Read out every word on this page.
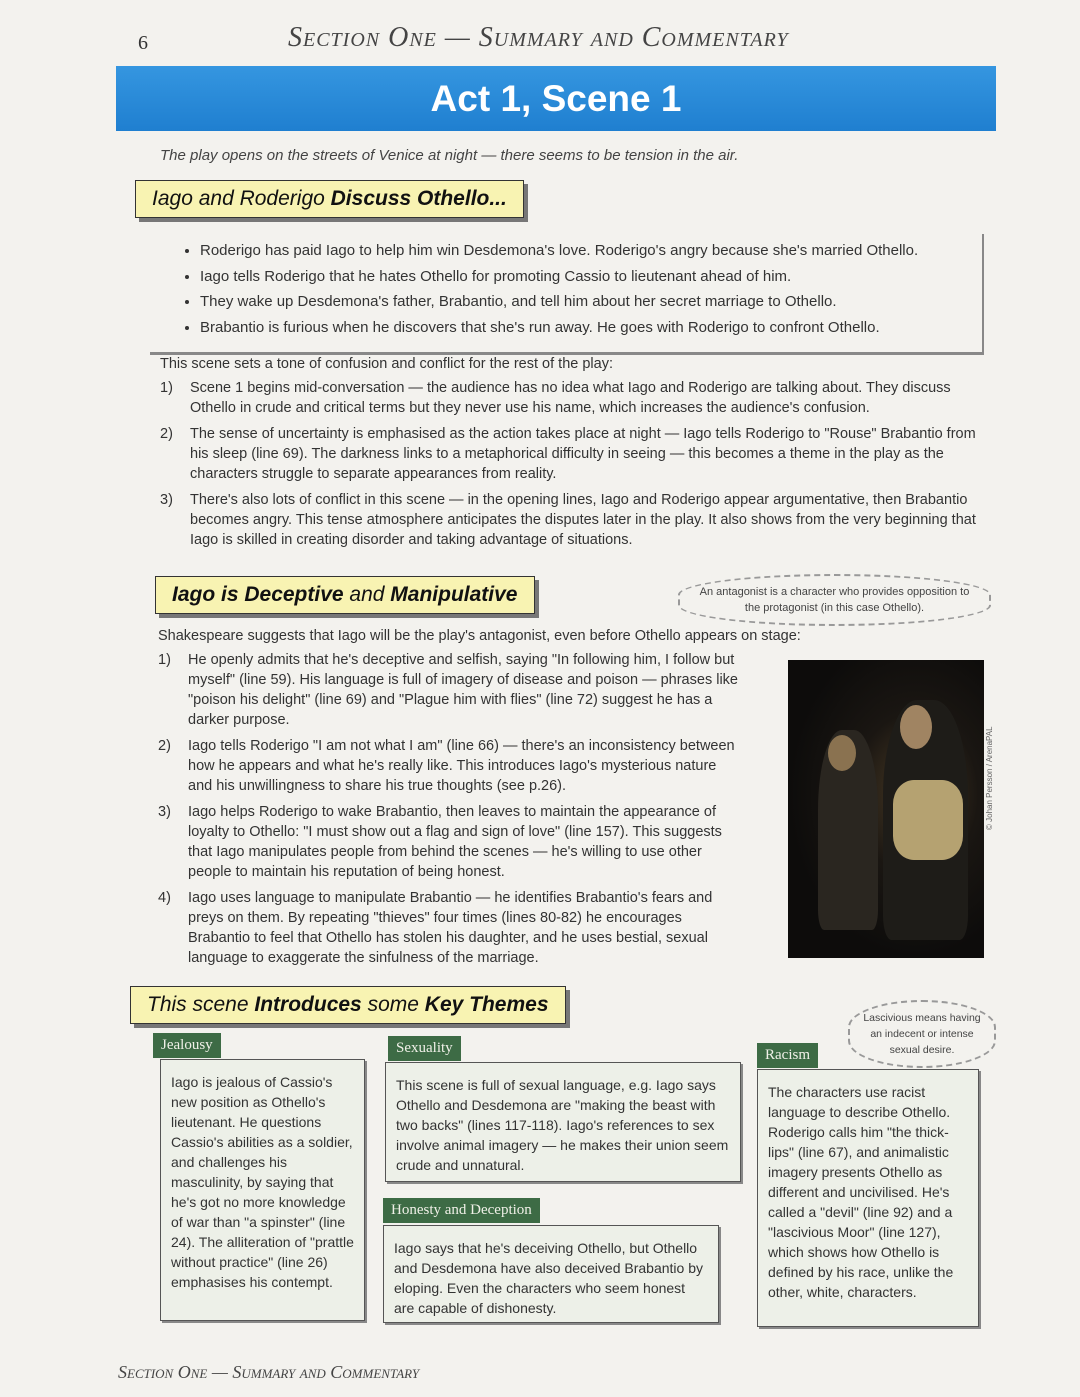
6	Section One — Summary and Commentary
Act 1, Scene 1
The play opens on the streets of Venice at night — there seems to be tension in the air.
Iago and Roderigo Discuss Othello...
• Roderigo has paid Iago to help him win Desdemona's love. Roderigo's angry because she's married Othello.
• Iago tells Roderigo that he hates Othello for promoting Cassio to lieutenant ahead of him.
• They wake up Desdemona's father, Brabantio, and tell him about her secret marriage to Othello.
• Brabantio is furious when he discovers that she's run away. He goes with Roderigo to confront Othello.
This scene sets a tone of confusion and conflict for the rest of the play:
1) Scene 1 begins mid-conversation — the audience has no idea what Iago and Roderigo are talking about. They discuss Othello in crude and critical terms but they never use his name, which increases the audience's confusion.
2) The sense of uncertainty is emphasised as the action takes place at night — Iago tells Roderigo to "Rouse" Brabantio from his sleep (line 69). The darkness links to a metaphorical difficulty in seeing — this becomes a theme in the play as the characters struggle to separate appearances from reality.
3) There's also lots of conflict in this scene — in the opening lines, Iago and Roderigo appear argumentative, then Brabantio becomes angry. This tense atmosphere anticipates the disputes later in the play. It also shows from the very beginning that Iago is skilled in creating disorder and taking advantage of situations.
Iago is Deceptive and Manipulative	An antagonist is a character who provides opposition to the protagonist (in this case Othello).
Shakespeare suggests that Iago will be the play's antagonist, even before Othello appears on stage:
1) He openly admits that he's deceptive and selfish, saying "In following him, I follow but myself" (line 59). His language is full of imagery of disease and poison — phrases like "poison his delight" (line 69) and "Plague him with flies" (line 72) suggest he has a darker purpose.
2) Iago tells Roderigo "I am not what I am" (line 66) — there's an inconsistency between how he appears and what he's really like. This introduces Iago's mysterious nature and his unwillingness to share his true thoughts (see p.26).
3) Iago helps Roderigo to wake Brabantio, then leaves to maintain the appearance of loyalty to Othello: "I must show out a flag and sign of love" (line 157). This suggests that Iago manipulates people from behind the scenes — he's willing to use other people to maintain his reputation of being honest.
4) Iago uses language to manipulate Brabantio — he identifies Brabantio's fears and preys on them. By repeating "thieves" four times (lines 80-82) he encourages Brabantio to feel that Othello has stolen his daughter, and he uses bestial, sexual language to exaggerate the sinfulness of the marriage.
© Johan Persson / ArenaPAL
This scene Introduces some Key Themes
Lascivious means having an indecent or intense sexual desire.
Jealousy
Iago is jealous of Cassio's new position as Othello's lieutenant. He questions Cassio's abilities as a soldier, and challenges his masculinity, by saying that he's got no more knowledge of war than "a spinster" (line 24). The alliteration of "prattle without practice" (line 26) emphasises his contempt.
Sexuality
This scene is full of sexual language, e.g. Iago says Othello and Desdemona are "making the beast with two backs" (lines 117-118). Iago's references to sex involve animal imagery — he makes their union seem crude and unnatural.
Honesty and Deception
Iago says that he's deceiving Othello, but Othello and Desdemona have also deceived Brabantio by eloping. Even the characters who seem honest are capable of dishonesty.
Racism
The characters use racist language to describe Othello. Roderigo calls him "the thick-lips" (line 67), and animalistic imagery presents Othello as different and uncivilised. He's called a "devil" (line 92) and a "lascivious Moor" (line 127), which shows how Othello is defined by his race, unlike the other, white, characters.
Section One — Summary and Commentary
